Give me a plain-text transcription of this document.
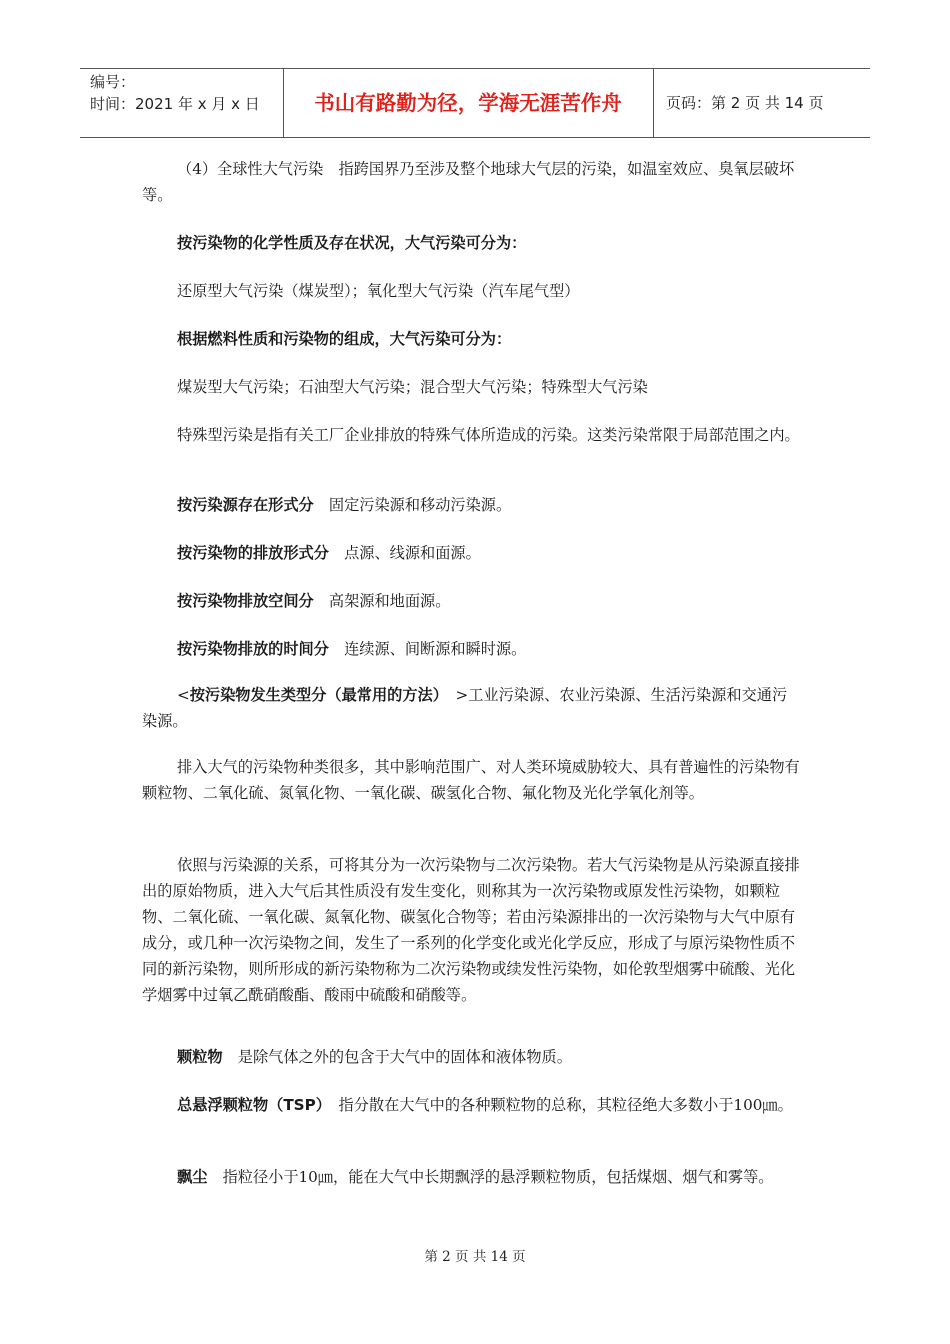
编号：
时间：2021 年 x 月 x 日	书山有路勤为径，学海无涯苦作舟	页码：第 2 页 共 14 页

（4）全球性大气污染　指跨国界乃至涉及整个地球大气层的污染，如温室效应、臭氧层破坏等。

按污染物的化学性质及存在状况，大气污染可分为：

还原型大气污染（煤炭型）；氧化型大气污染（汽车尾气型）

根据燃料性质和污染物的组成，大气污染可分为：

煤炭型大气污染；石油型大气污染；混合型大气污染；特殊型大气污染

特殊型污染是指有关工厂企业排放的特殊气体所造成的污染。这类污染常限于局部范围之内。

按污染源存在形式分　固定污染源和移动污染源。

按污染物的排放形式分　点源、线源和面源。

按污染物排放空间分　高架源和地面源。

按污染物排放的时间分　连续源、间断源和瞬时源。

<按污染物发生类型分（最常用的方法）　>工业污染源、农业污染源、生活污染源和交通污染源。

排入大气的污染物种类很多，其中影响范围广、对人类环境威胁较大、具有普遍性的污染物有颗粒物、二氧化硫、氮氧化物、一氧化碳、碳氢化合物、氟化物及光化学氧化剂等。

依照与污染源的关系，可将其分为一次污染物与二次污染物。若大气污染物是从污染源直接排出的原始物质，进入大气后其性质没有发生变化，则称其为一次污染物或原发性污染物，如颗粒物、二氧化硫、一氧化碳、氮氧化物、碳氢化合物等；若由污染源排出的一次污染物与大气中原有成分，或几种一次污染物之间，发生了一系列的化学变化或光化学反应，形成了与原污染物性质不同的新污染物，则所形成的新污染物称为二次污染物或续发性污染物，如伦敦型烟雾中硫酸、光化学烟雾中过氧乙酰硝酸酯、酸雨中硫酸和硝酸等。

颗粒物　是除气体之外的包含于大气中的固体和液体物质。

总悬浮颗粒物（TSP）　指分散在大气中的各种颗粒物的总称，其粒径绝大多数小于100㎛。

飘尘　指粒径小于10㎛，能在大气中长期飘浮的悬浮颗粒物质，包括煤烟、烟气和雾等。

第 2 页 共 14 页
